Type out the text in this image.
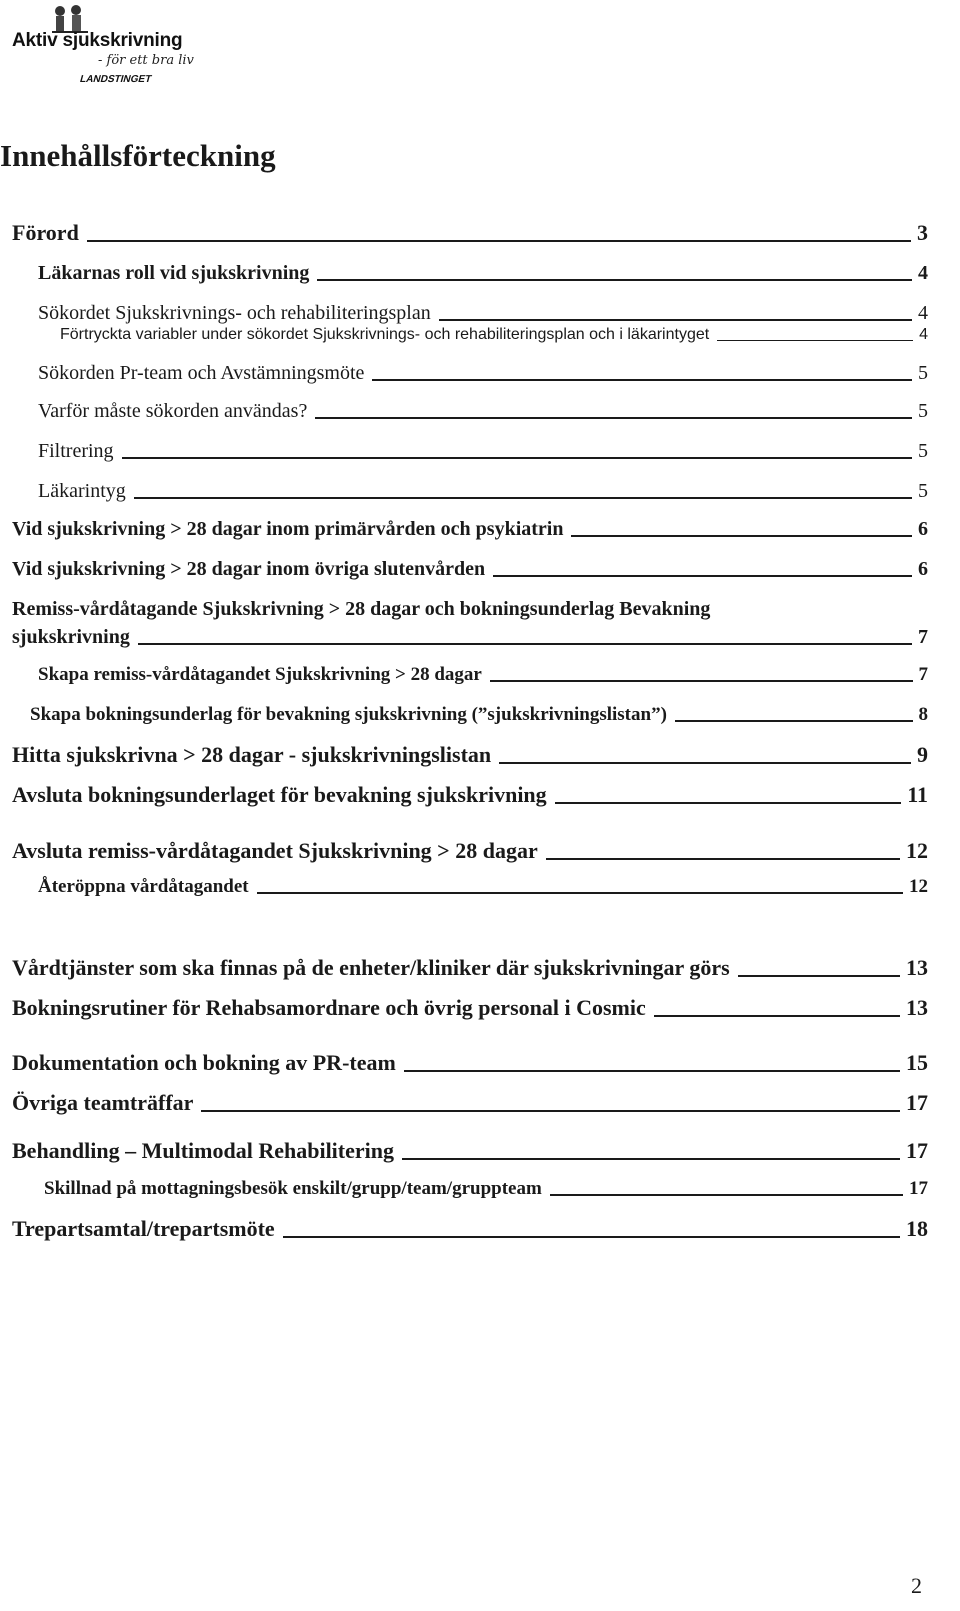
Aktiv sjukskrivning
- för ett bra liv
LANDSTINGET
Innehållsförteckning
Förord	3
Läkarnas roll vid sjukskrivning	4
Sökordet Sjukskrivnings- och rehabiliteringsplan	4
Förtryckta variabler under sökordet Sjukskrivnings- och rehabiliteringsplan och i läkarintyget	4
Sökorden Pr-team och Avstämningsmöte	5
Varför måste sökorden användas?	5
Filtrering	5
Läkarintyg	5
Vid sjukskrivning > 28 dagar inom primärvården och psykiatrin	6
Vid sjukskrivning > 28 dagar inom övriga slutenvården	6
Remiss-vårdåtagande Sjukskrivning > 28 dagar och bokningsunderlag Bevakning
sjukskrivning	7
Skapa remiss-vårdåtagandet Sjukskrivning > 28 dagar	7
Skapa bokningsunderlag för bevakning sjukskrivning (”sjukskrivningslistan”)	8
Hitta sjukskrivna > 28 dagar - sjukskrivningslistan	9
Avsluta bokningsunderlaget för bevakning sjukskrivning	11
Avsluta remiss-vårdåtagandet Sjukskrivning > 28 dagar	12
Återöppna vårdåtagandet	12
Vårdtjänster som ska finnas på de enheter/kliniker där sjukskrivningar görs	13
Bokningsrutiner för Rehabsamordnare och övrig personal i Cosmic	13
Dokumentation och bokning av PR-team	15
Övriga teamträffar	17
Behandling – Multimodal Rehabilitering	17
Skillnad på mottagningsbesök enskilt/grupp/team/gruppteam	17
Trepartsamtal/trepartsmöte	18
2
